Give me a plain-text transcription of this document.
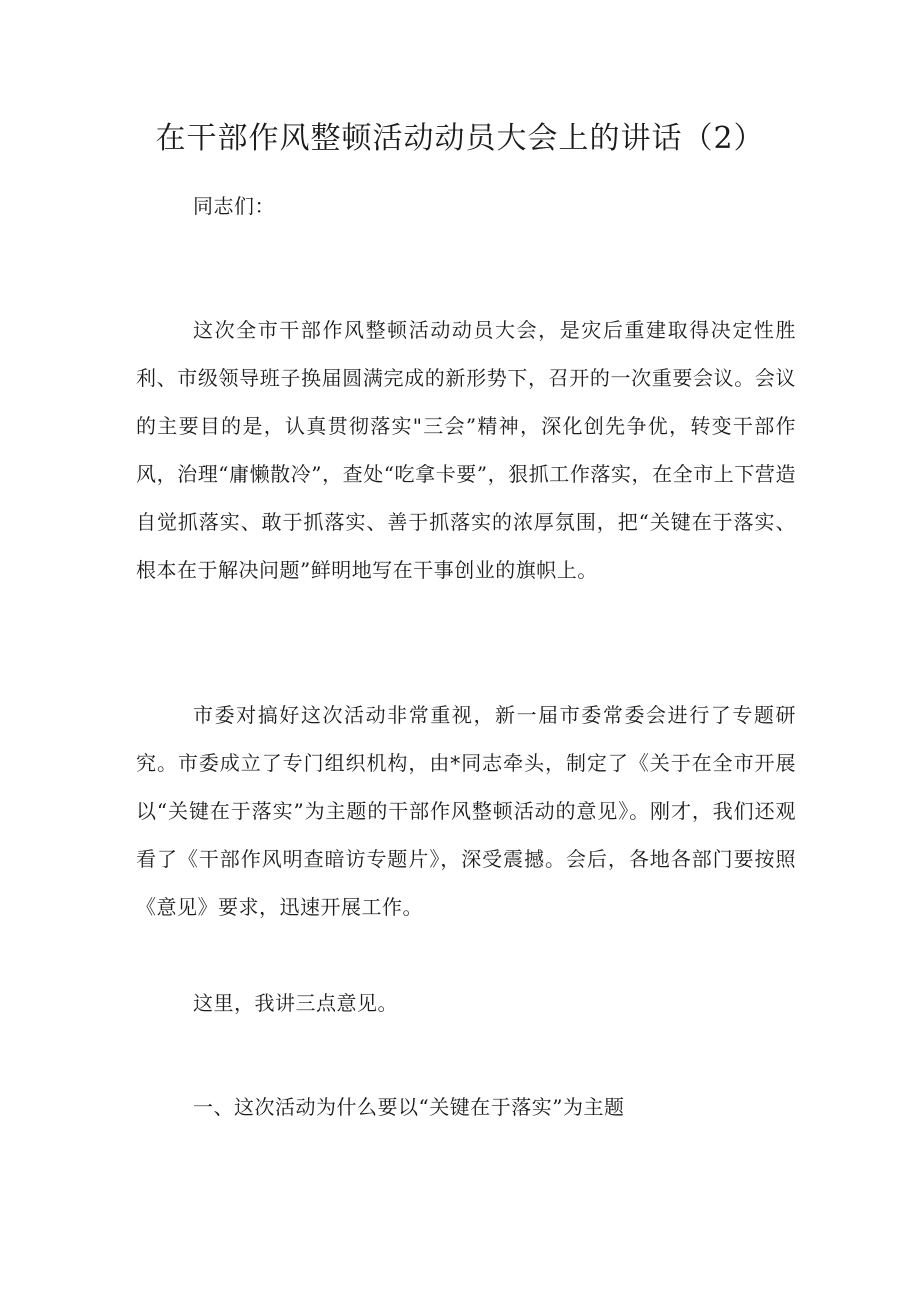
在干部作风整顿活动动员大会上的讲话（2）

同志们：

这次全市干部作风整顿活动动员大会，是灾后重建取得决定性胜利、市级领导班子换届圆满完成的新形势下，召开的一次重要会议。会议的主要目的是，认真贯彻落实"三会”精神，深化创先争优，转变干部作风，治理“庸懒散冷”，查处“吃拿卡要”，狠抓工作落实，在全市上下营造自觉抓落实、敢于抓落实、善于抓落实的浓厚氛围，把“关键在于落实、根本在于解决问题”鲜明地写在干事创业的旗帜上。

市委对搞好这次活动非常重视，新一届市委常委会进行了专题研究。市委成立了专门组织机构，由*同志牵头，制定了《关于在全市开展以“关键在于落实”为主题的干部作风整顿活动的意见》。刚才，我们还观看了《干部作风明查暗访专题片》，深受震撼。会后，各地各部门要按照《意见》要求，迅速开展工作。

这里，我讲三点意见。

一、这次活动为什么要以“关键在于落实”为主题
